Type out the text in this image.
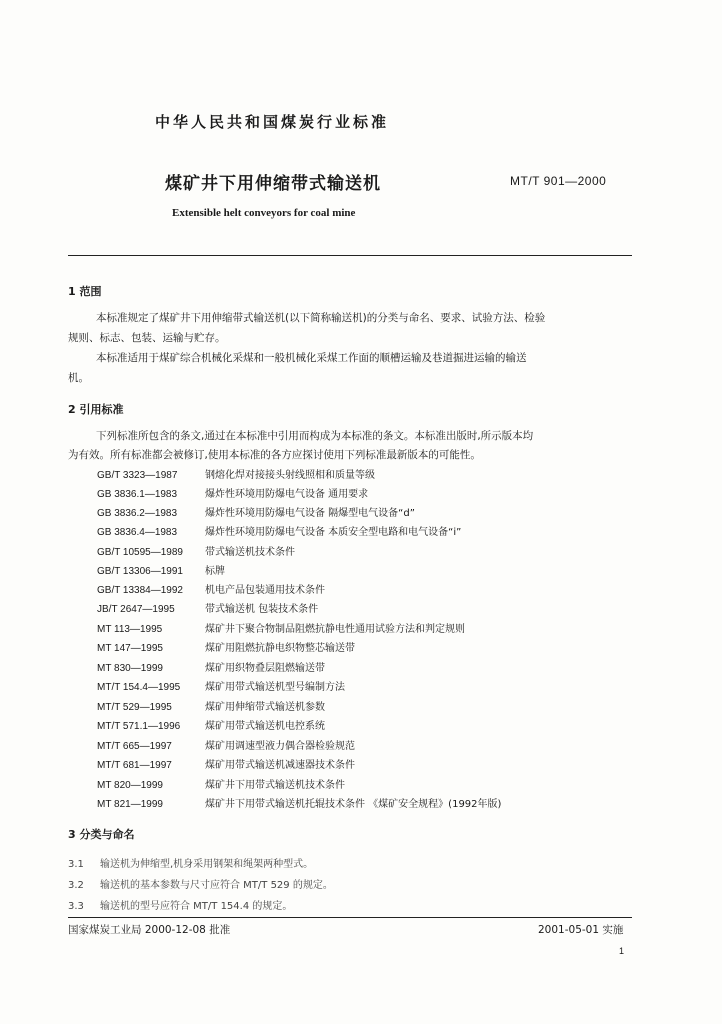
中华人民共和国煤炭行业标准
煤矿井下用伸缩带式输送机	MT/T 901—2000
Extensible helt conveyors for coal mine
1 范围
本标准规定了煤矿井下用伸缩带式输送机(以下简称输送机)的分类与命名、要求、试验方法、检验
规则、标志、包装、运输与贮存。
本标准适用于煤矿综合机械化采煤和一般机械化采煤工作面的顺槽运输及巷道掘进运输的输送
机。
2 引用标准
下列标准所包含的条文,通过在本标准中引用而构成为本标准的条文。本标准出版时,所示版本均
为有效。所有标准都会被修订,使用本标准的各方应探讨使用下列标准最新版本的可能性。
GB/T 3323—1987	钢熔化焊对接接头射线照相和质量等级
GB 3836.1—1983	爆炸性环境用防爆电气设备 通用要求
GB 3836.2—1983	爆炸性环境用防爆电气设备 隔爆型电气设备“d”
GB 3836.4—1983	爆炸性环境用防爆电气设备 本质安全型电路和电气设备“i”
GB/T 10595—1989 带式输送机技术条件
GB/T 13306—1991 标牌
GB/T 13384—1992 机电产品包装通用技术条件
JB/T 2647—1995	带式输送机 包装技术条件
MT 113—1995	煤矿井下聚合物制品阻燃抗静电性通用试验方法和判定规则
MT 147—1995	煤矿用阻燃抗静电织物整芯输送带
MT 830—1999	煤矿用织物叠层阻燃输送带
MT/T 154.4—1995 煤矿用带式输送机型号编制方法
MT/T 529—1995	煤矿用伸缩带式输送机参数
MT/T 571.1—1996 煤矿用带式输送机电控系统
MT/T 665—1997	煤矿用调速型液力偶合器检验规范
MT/T 681—1997	煤矿用带式输送机减速器技术条件
MT 820—1999	煤矿井下用带式输送机技术条件
MT 821—1999	煤矿井下用带式输送机托辊技术条件 《煤矿安全规程》(1992年版)
3 分类与命名
3.1 输送机为伸缩型,机身采用钢架和绳架两种型式。
3.2 输送机的基本参数与尺寸应符合 MT/T 529 的规定。
3.3 输送机的型号应符合 MT/T 154.4 的规定。
国家煤炭工业局 2000-12-08 批准	2001-05-01 实施
1
